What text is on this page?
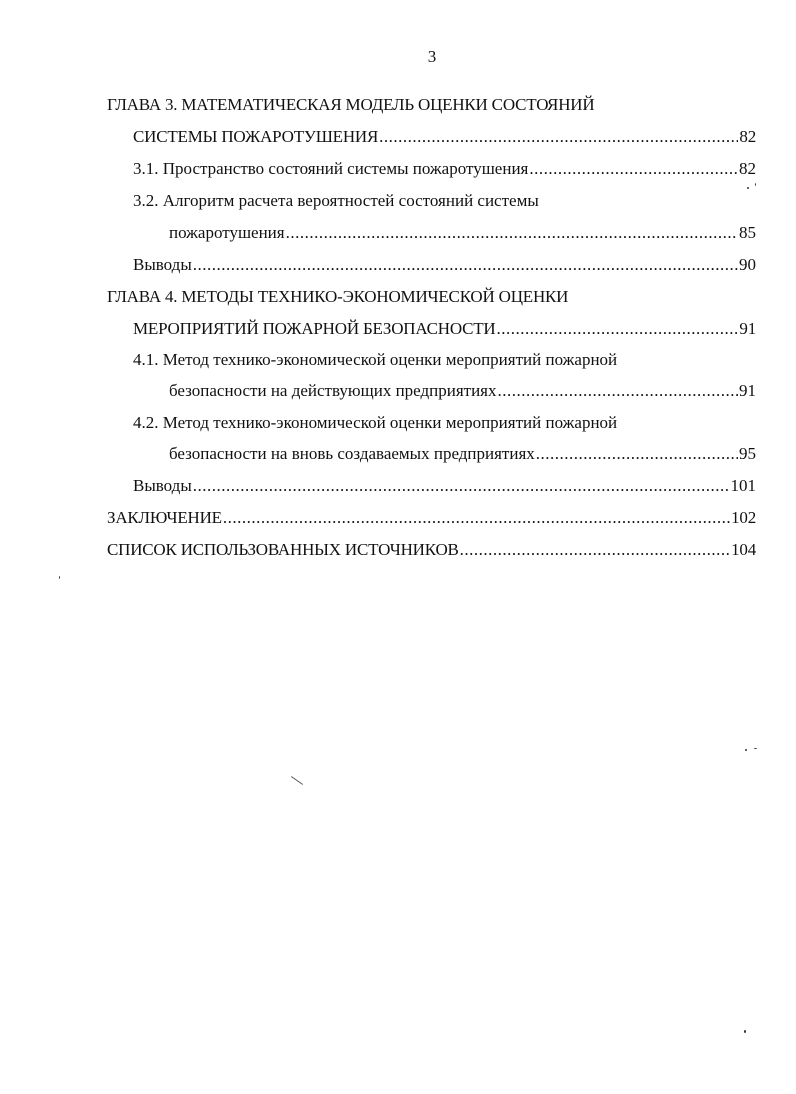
3
ГЛАВА 3. МАТЕМАТИЧЕСКАЯ МОДЕЛЬ ОЦЕНКИ СОСТОЯНИЙ
СИСТЕМЫ ПОЖАРОТУШЕНИЯ .....	82
3.1. Пространство состояний системы пожаротушения .....	82
3.2. Алгоритм расчета вероятностей состояний системы
пожаротушения .....	85
Выводы .....	90
ГЛАВА 4. МЕТОДЫ ТЕХНИКО-ЭКОНОМИЧЕСКОЙ ОЦЕНКИ
МЕРОПРИЯТИЙ ПОЖАРНОЙ БЕЗОПАСНОСТИ .....	91
4.1. Метод технико-экономической оценки мероприятий пожарной
безопасности на действующих предприятиях .....	91
4.2. Метод технико-экономической оценки мероприятий пожарной
безопасности на вновь создаваемых предприятиях .....	95
Выводы .....	101
ЗАКЛЮЧЕНИЕ .....	102
СПИСОК ИСПОЛЬЗОВАННЫХ ИСТОЧНИКОВ .....	104
